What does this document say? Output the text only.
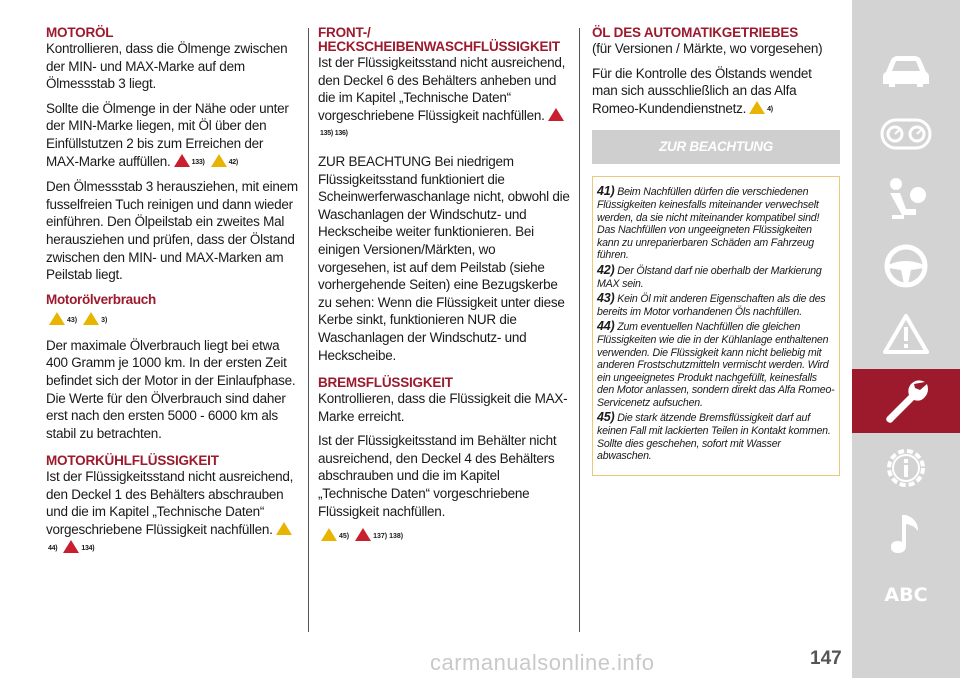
MOTORÖL

Kontrollieren, dass die Ölmenge zwischen der MIN- und MAX-Marke auf dem Ölmessstab 3 liegt.

Sollte die Ölmenge in der Nähe oder unter der MIN-Marke liegen, mit Öl über den Einfüllstutzen 2 bis zum Erreichen der MAX-Marke auffüllen.	133)	42)

Den Ölmessstab 3 herausziehen, mit einem fusselfreien Tuch reinigen und dann wieder einführen. Den Ölpeilstab ein zweites Mal herausziehen und prüfen, dass der Ölstand zwischen den MIN- und MAX-Marken am Peilstab liegt.

Motorölverbrauch
43)	3)

Der maximale Ölverbrauch liegt bei etwa 400 Gramm je 1000 km. In der ersten Zeit befindet sich der Motor in der Einlaufphase. Die Werte für den Ölverbrauch sind daher erst nach den ersten 5000 - 6000 km als stabil zu betrachten.

MOTORKÜHLFLÜSSIGKEIT

Ist der Flüssigkeitsstand nicht ausreichend, den Deckel 1 des Behälters abschrauben und die im Kapitel „Technische Daten“ vorgeschriebene Flüssigkeit nachfüllen.44)	134)

FRONT-/ HECKSCHEIBENWASCHFLÜSSIGKEIT

Ist der Flüssigkeitsstand nicht ausreichend, den Deckel 6 des Behälters anheben und die im Kapitel „Technische Daten“ vorgeschriebene Flüssigkeit nachfüllen.135) 136)

ZUR BEACHTUNG Bei niedrigem Flüssigkeitsstand funktioniert die Scheinwerferwaschanlage nicht, obwohl die Waschanlagen der Windschutz- und Heckscheibe weiter funktionieren. Bei einigen Versionen/Märkten, wo vorgesehen, ist auf dem Peilstab (siehe vorhergehende Seiten) eine Bezugskerbe zu sehen: Wenn die Flüssigkeit unter diese Kerbe sinkt, funktionieren NUR die Waschanlagen der Windschutz- und Heckscheibe.

BREMSFLÜSSIGKEIT

Kontrollieren, dass die Flüssigkeit die MAX-Marke erreicht.

Ist der Flüssigkeitsstand im Behälter nicht ausreichend, den Deckel 4 des Behälters abschrauben und die im Kapitel „Technische Daten“ vorgeschriebene Flüssigkeit nachfüllen.

45)	137) 138)
ÖL DES AUTOMATIKGETRIEBES

(für Versionen / Märkte, wo vorgesehen)

Für die Kontrolle des Ölstands wendet man sich ausschließlich an das Alfa Romeo-Kundendienstnetz.	4)

ZUR BEACHTUNG

41) Beim Nachfüllen dürfen die verschiedenen Flüssigkeiten keinesfalls miteinander verwechselt werden, da sie nicht miteinander kompatibel sind! Das Nachfüllen von ungeeigneten Flüssigkeiten kann zu unreparierbaren Schäden am Fahrzeug führen.

42) Der Ölstand darf nie oberhalb der Markierung MAX sein.

43) Kein Öl mit anderen Eigenschaften als die des bereits im Motor vorhandenen Öls nachfüllen.

44) Zum eventuellen Nachfüllen die gleichen Flüssigkeiten wie die in der Kühlanlage enthaltenen verwenden. Die Flüssigkeit kann nicht beliebig mit anderen Frostschutzmitteln vermischt werden. Wird ein ungeeignetes Produkt nachgefüllt, keinesfalls den Motor anlassen, sondern direkt das Alfa Romeo-Servicenetz aufsuchen.

45) Die stark ätzende Bremsflüssigkeit darf auf keinen Fall mit lackierten Teilen in Kontakt kommen. Sollte dies geschehen, sofort mit Wasser abwaschen.

ABC
carmanualsonline.info	147
